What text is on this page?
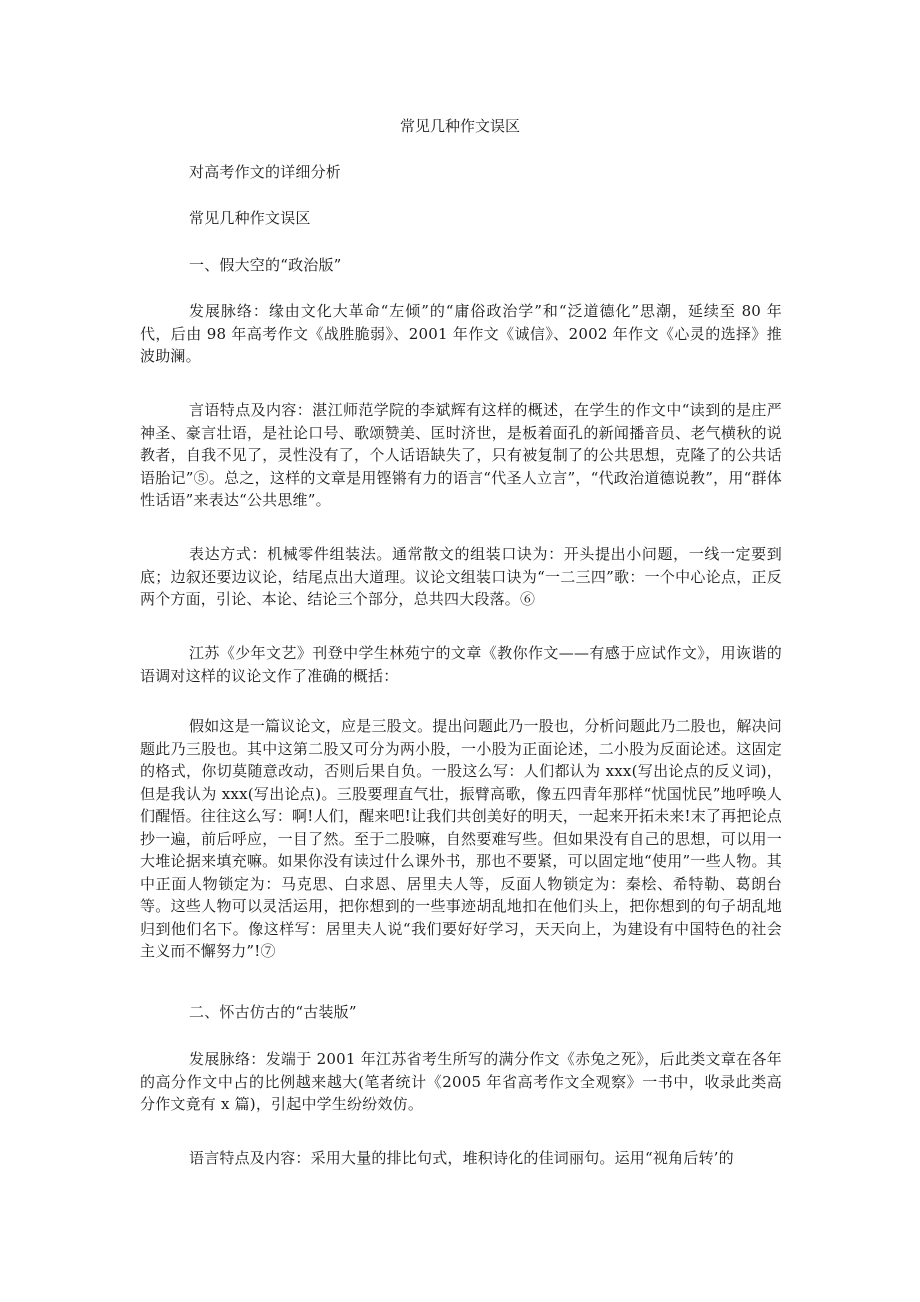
常见几种作文误区

对高考作文的详细分析

常见几种作文误区

一、假大空的“政治版”

发展脉络：缘由文化大革命“左倾”的“庸俗政治学”和“泛道德化”思潮，延续至 80 年代，后由 98 年高考作文《战胜脆弱》、2001 年作文《诚信》、2002 年作文《心灵的选择》推波助澜。

言语特点及内容：湛江师范学院的李斌辉有这样的概述，在学生的作文中“读到的是庄严神圣、豪言壮语，是社论口号、歌颂赞美、匡时济世，是板着面孔的新闻播音员、老气横秋的说教者，自我不见了，灵性没有了，个人话语缺失了，只有被复制了的公共思想，克隆了的公共话语胎记”⑤。总之，这样的文章是用铿锵有力的语言“代圣人立言”，“代政治道德说教”，用“群体性话语”来表达“公共思维”。

表达方式：机械零件组装法。通常散文的组装口诀为：开头提出小问题，一线一定要到底；边叙还要边议论，结尾点出大道理。议论文组装口诀为“一二三四”歌：一个中心论点，正反两个方面，引论、本论、结论三个部分，总共四大段落。⑥

江苏《少年文艺》刊登中学生林苑宁的文章《教你作文——有感于应试作文》，用诙谐的语调对这样的议论文作了准确的概括：

假如这是一篇议论文，应是三股文。提出问题此乃一股也，分析问题此乃二股也，解决问题此乃三股也。其中这第二股又可分为两小股，一小股为正面论述，二小股为反面论述。这固定的格式，你切莫随意改动，否则后果自负。一股这么写：人们都认为 xxx(写出论点的反义词)，但是我认为 xxx(写出论点)。三股要理直气壮，振臂高歌，像五四青年那样“忧国忧民”地呼唤人们醒悟。往往这么写：啊!人们，醒来吧!让我们共创美好的明天，一起来开拓未来!末了再把论点抄一遍，前后呼应，一目了然。至于二股嘛，自然要难写些。但如果没有自己的思想，可以用一大堆论据来填充嘛。如果你没有读过什么课外书，那也不要紧，可以固定地“使用”一些人物。其中正面人物锁定为：马克思、白求恩、居里夫人等，反面人物锁定为：秦桧、希特勒、葛朗台等。这些人物可以灵活运用，把你想到的一些事迹胡乱地扣在他们头上，把你想到的句子胡乱地归到他们名下。像这样写：居里夫人说“我们要好好学习，天天向上，为建设有中国特色的社会主义而不懈努力”!⑦

二、怀古仿古的“古装版”

发展脉络：发端于 2001 年江苏省考生所写的满分作文《赤兔之死》，后此类文章在各年的高分作文中占的比例越来越大(笔者统计《2005 年省高考作文全观察》一书中，收录此类高分作文竟有 x 篇)，引起中学生纷纷效仿。

语言特点及内容：采用大量的排比句式，堆积诗化的佳词丽句。运用“视角后转’的
